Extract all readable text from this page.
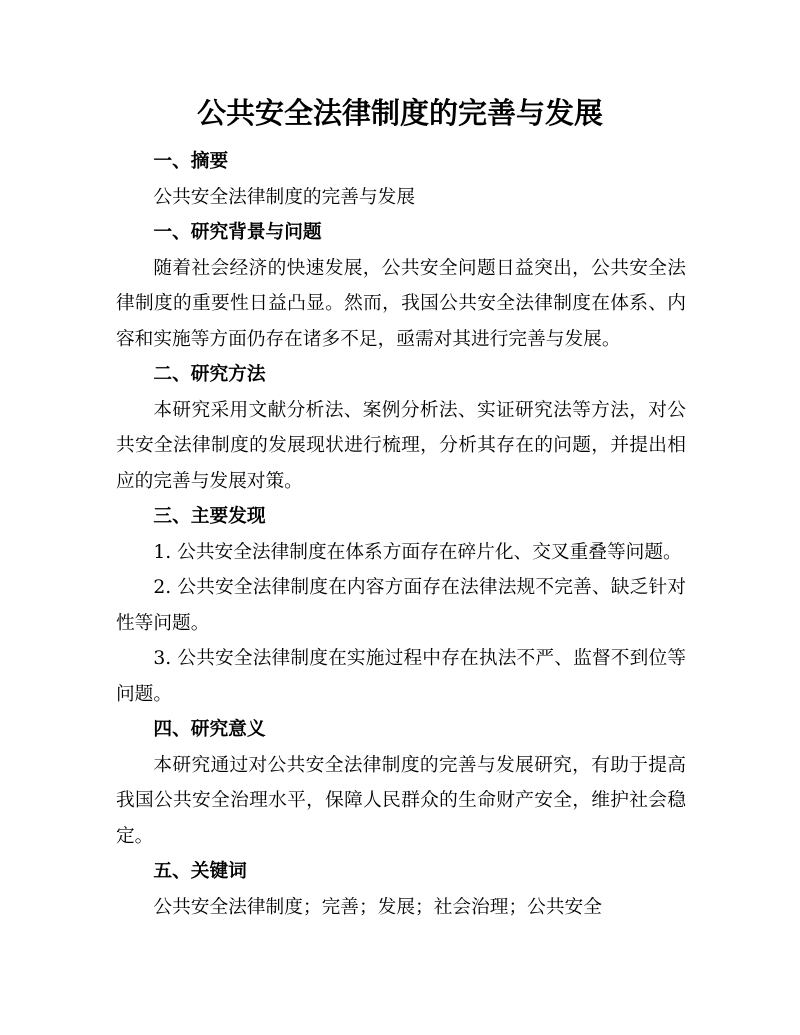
公共安全法律制度的完善与发展

一、摘要

公共安全法律制度的完善与发展

一、研究背景与问题

随着社会经济的快速发展，公共安全问题日益突出，公共安全法律制度的重要性日益凸显。然而，我国公共安全法律制度在体系、内容和实施等方面仍存在诸多不足，亟需对其进行完善与发展。

二、研究方法

本研究采用文献分析法、案例分析法、实证研究法等方法，对公共安全法律制度的发展现状进行梳理，分析其存在的问题，并提出相应的完善与发展对策。

三、主要发现

1. 公共安全法律制度在体系方面存在碎片化、交叉重叠等问题。

2. 公共安全法律制度在内容方面存在法律法规不完善、缺乏针对性等问题。

3. 公共安全法律制度在实施过程中存在执法不严、监督不到位等问题。

四、研究意义

本研究通过对公共安全法律制度的完善与发展研究，有助于提高我国公共安全治理水平，保障人民群众的生命财产安全，维护社会稳定。

五、关键词

公共安全法律制度；完善；发展；社会治理；公共安全
